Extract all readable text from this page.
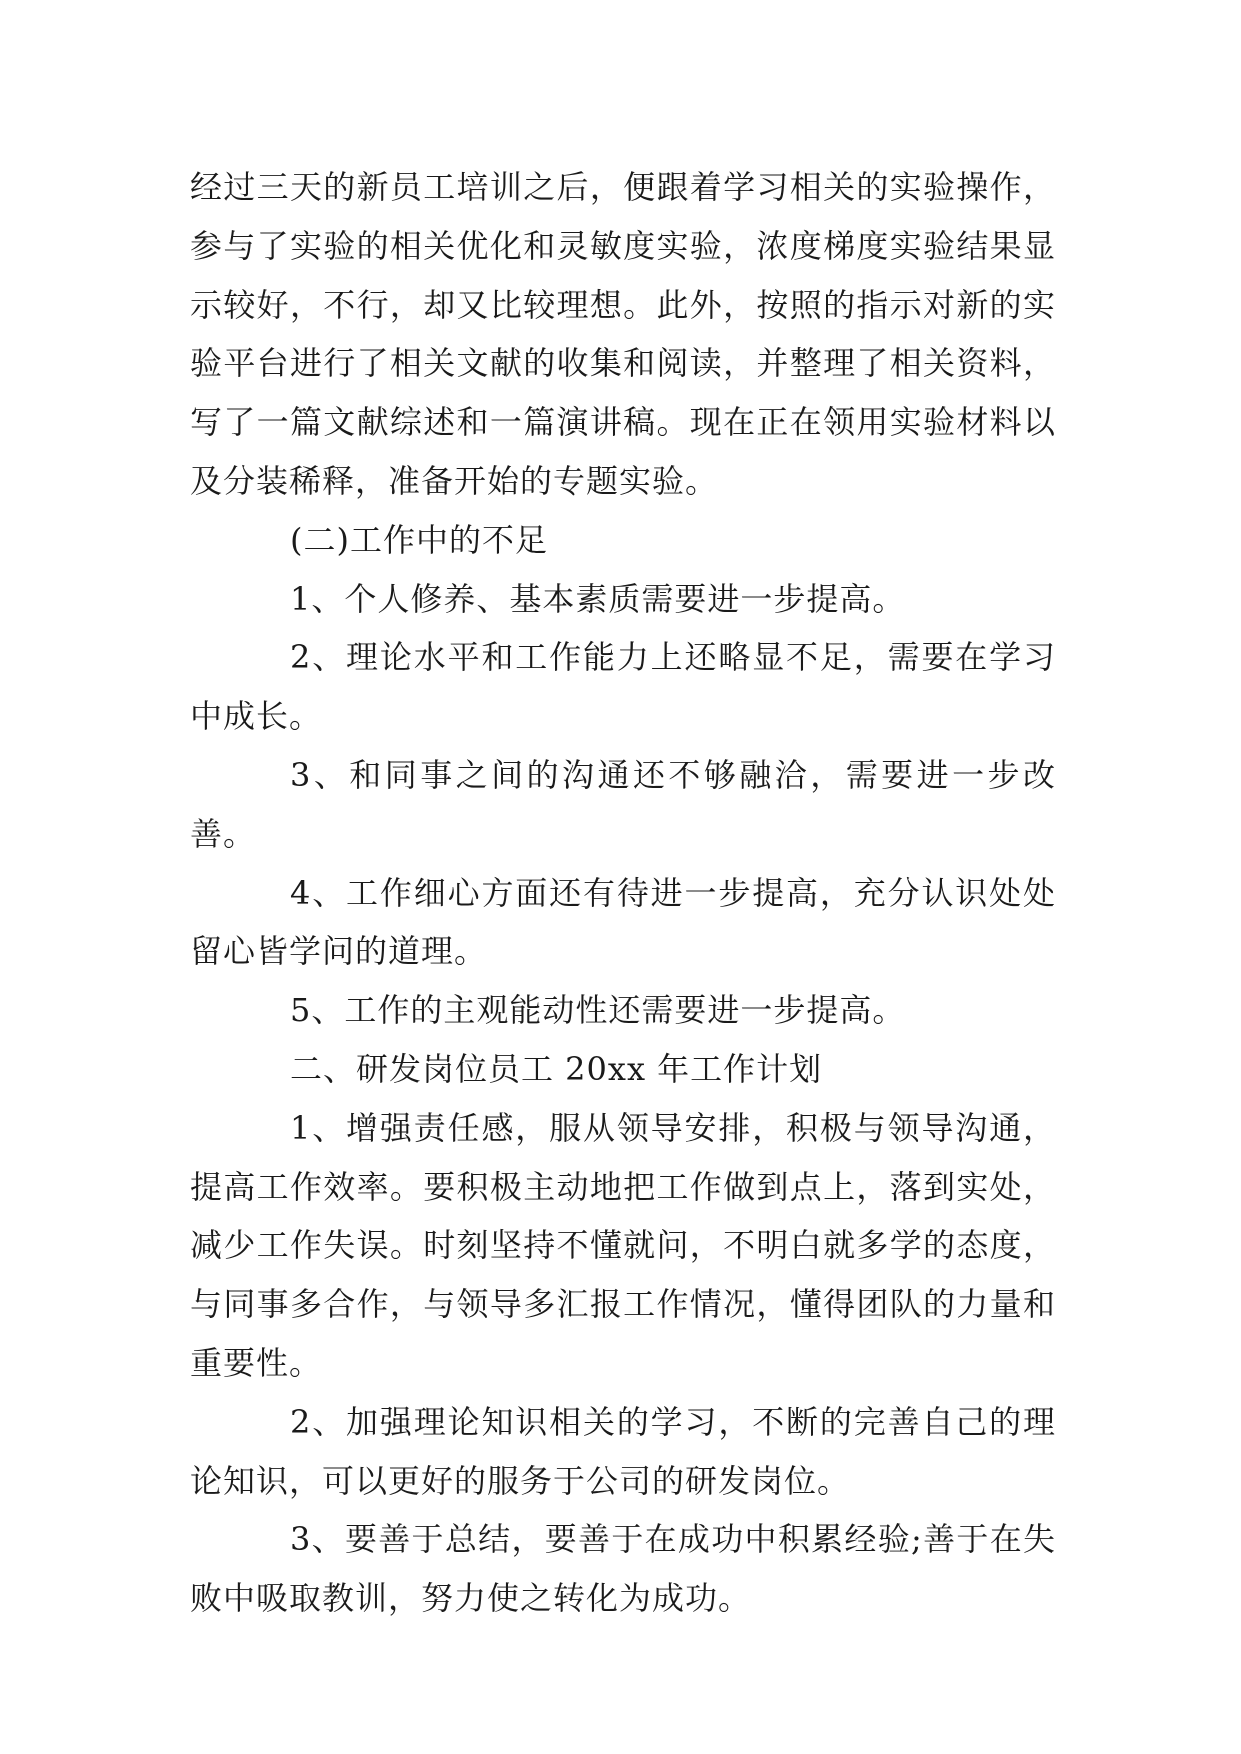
经过三天的新员工培训之后，便跟着学习相关的实验操作，参与了实验的相关优化和灵敏度实验，浓度梯度实验结果显示较好，不行，却又比较理想。此外，按照的指示对新的实验平台进行了相关文献的收集和阅读，并整理了相关资料，写了一篇文献综述和一篇演讲稿。现在正在领用实验材料以及分装稀释，准备开始的专题实验。

(二)工作中的不足

1、个人修养、基本素质需要进一步提高。

2、理论水平和工作能力上还略显不足，需要在学习中成长。

3、和同事之间的沟通还不够融洽，需要进一步改善。

4、工作细心方面还有待进一步提高，充分认识处处留心皆学问的道理。

5、工作的主观能动性还需要进一步提高。

二、研发岗位员工 20xx 年工作计划

1、增强责任感，服从领导安排，积极与领导沟通，提高工作效率。要积极主动地把工作做到点上，落到实处，减少工作失误。时刻坚持不懂就问，不明白就多学的态度，与同事多合作，与领导多汇报工作情况，懂得团队的力量和重要性。

2、加强理论知识相关的学习，不断的完善自己的理论知识，可以更好的服务于公司的研发岗位。

3、要善于总结，要善于在成功中积累经验;善于在失败中吸取教训，努力使之转化为成功。
